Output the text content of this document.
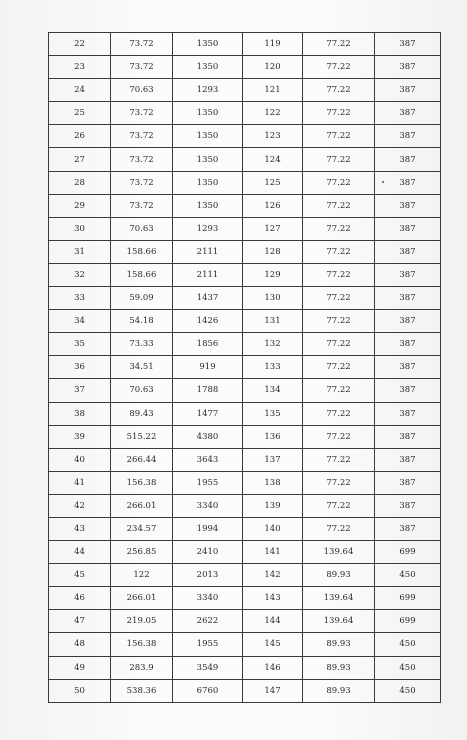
22	73.72	1350	119	77.22	387
23	73.72	1350	120	77.22	387
24	70.63	1293	121	77.22	387
25	73.72	1350	122	77.22	387
26	73.72	1350	123	77.22	387
27	73.72	1350	124	77.22	387
28	73.72	1350	125	77.22	387
29	73.72	1350	126	77.22	387
30	70.63	1293	127	77.22	387
31	158.66	2111	128	77.22	387
32	158.66	2111	129	77.22	387
33	59.09	1437	130	77.22	387
34	54.18	1426	131	77.22	387
35	73.33	1856	132	77.22	387
36	34.51	919	133	77.22	387
37	70.63	1788	134	77.22	387
38	89.43	1477	135	77.22	387
39	515.22	4380	136	77.22	387
40	266.44	3643	137	77.22	387
41	156.38	1955	138	77.22	387
42	266.01	3340	139	77.22	387
43	234.57	1994	140	77.22	387
44	256.85	2410	141	139.64	699
45	122	2013	142	89.93	450
46	266.01	3340	143	139.64	699
47	219.05	2622	144	139.64	699
48	156.38	1955	145	89.93	450
49	283.9	3549	146	89.93	450
50	538.36	6760	147	89.93	450
